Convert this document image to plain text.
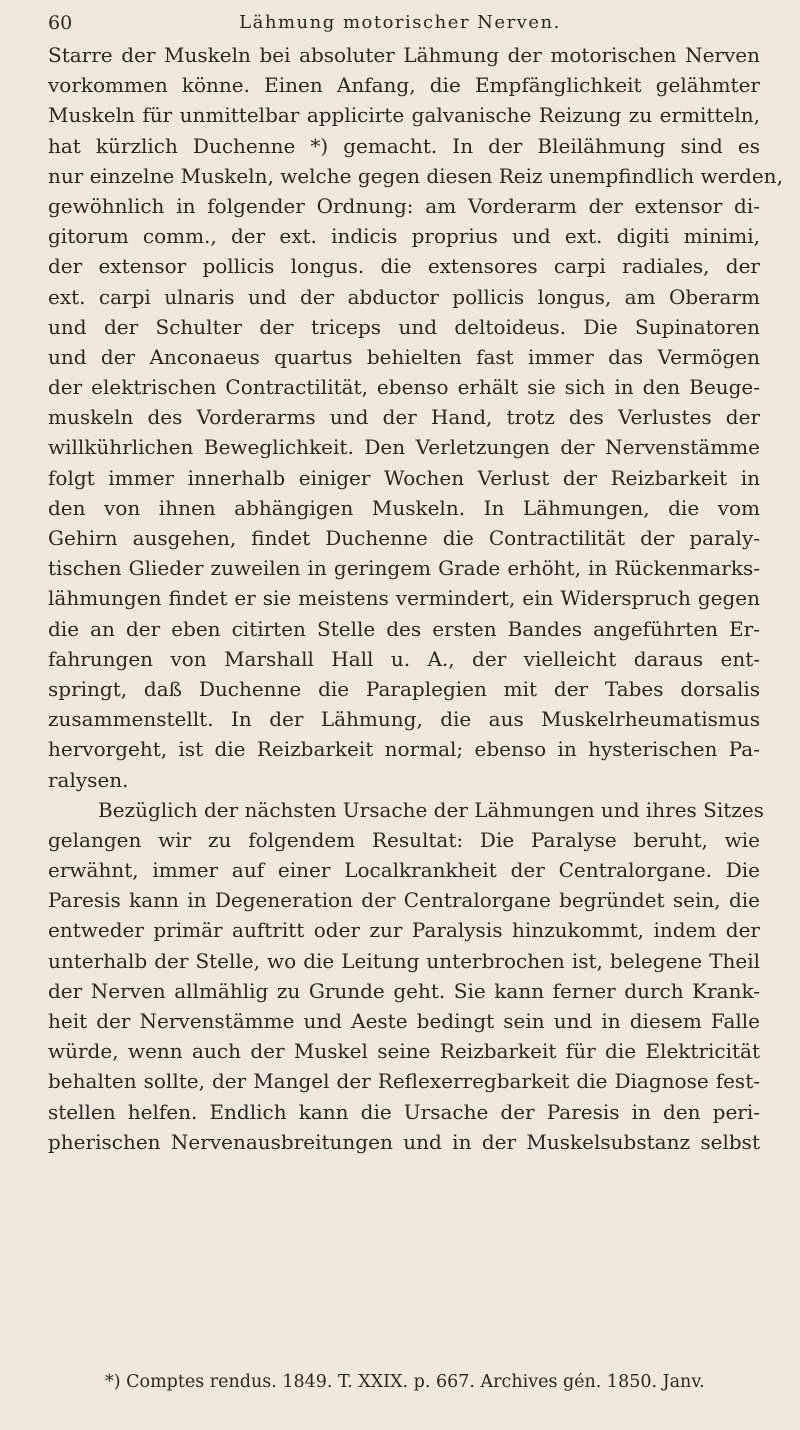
60	Lähmung motorischer Nerven.
Starre der Muskeln bei absoluter Lähmung der motorischen Nerven
vorkommen könne. Einen Anfang, die Empfänglichkeit gelähmter
Muskeln für unmittelbar applicirte galvanische Reizung zu ermitteln,
hat kürzlich Duchenne *) gemacht. In der Bleilähmung sind es
nur einzelne Muskeln, welche gegen diesen Reiz unempfindlich werden,
gewöhnlich in folgender Ordnung: am Vorderarm der extensor di-
gitorum comm., der ext. indicis proprius und ext. digiti minimi,
der extensor pollicis longus. die extensores carpi radiales, der
ext. carpi ulnaris und der abductor pollicis longus, am Oberarm
und der Schulter der triceps und deltoideus. Die Supinatoren
und der Anconaeus quartus behielten fast immer das Vermögen
der elektrischen Contractilität, ebenso erhält sie sich in den Beuge-
muskeln des Vorderarms und der Hand, trotz des Verlustes der
willkührlichen Beweglichkeit. Den Verletzungen der Nervenstämme
folgt immer innerhalb einiger Wochen Verlust der Reizbarkeit in
den von ihnen abhängigen Muskeln. In Lähmungen, die vom
Gehirn ausgehen, findet Duchenne die Contractilität der paraly-
tischen Glieder zuweilen in geringem Grade erhöht, in Rückenmarks-
lähmungen findet er sie meistens vermindert, ein Widerspruch gegen
die an der eben citirten Stelle des ersten Bandes angeführten Er-
fahrungen von Marshall Hall u. A., der vielleicht daraus ent-
springt, daß Duchenne die Paraplegien mit der Tabes dorsalis
zusammenstellt. In der Lähmung, die aus Muskelrheumatismus
hervorgeht, ist die Reizbarkeit normal; ebenso in hysterischen Pa-
ralysen.
Bezüglich der nächsten Ursache der Lähmungen und ihres Sitzes
gelangen wir zu folgendem Resultat: Die Paralyse beruht, wie
erwähnt, immer auf einer Localkrankheit der Centralorgane. Die
Paresis kann in Degeneration der Centralorgane begründet sein, die
entweder primär auftritt oder zur Paralysis hinzukommt, indem der
unterhalb der Stelle, wo die Leitung unterbrochen ist, belegene Theil
der Nerven allmählig zu Grunde geht. Sie kann ferner durch Krank-
heit der Nervenstämme und Aeste bedingt sein und in diesem Falle
würde, wenn auch der Muskel seine Reizbarkeit für die Elektricität
behalten sollte, der Mangel der Reflexerregbarkeit die Diagnose fest-
stellen helfen. Endlich kann die Ursache der Paresis in den peri-
pherischen Nervenausbreitungen und in der Muskelsubstanz selbst
*) Comptes rendus. 1849. T. XXIX. p. 667. Archives gén. 1850. Janv.
